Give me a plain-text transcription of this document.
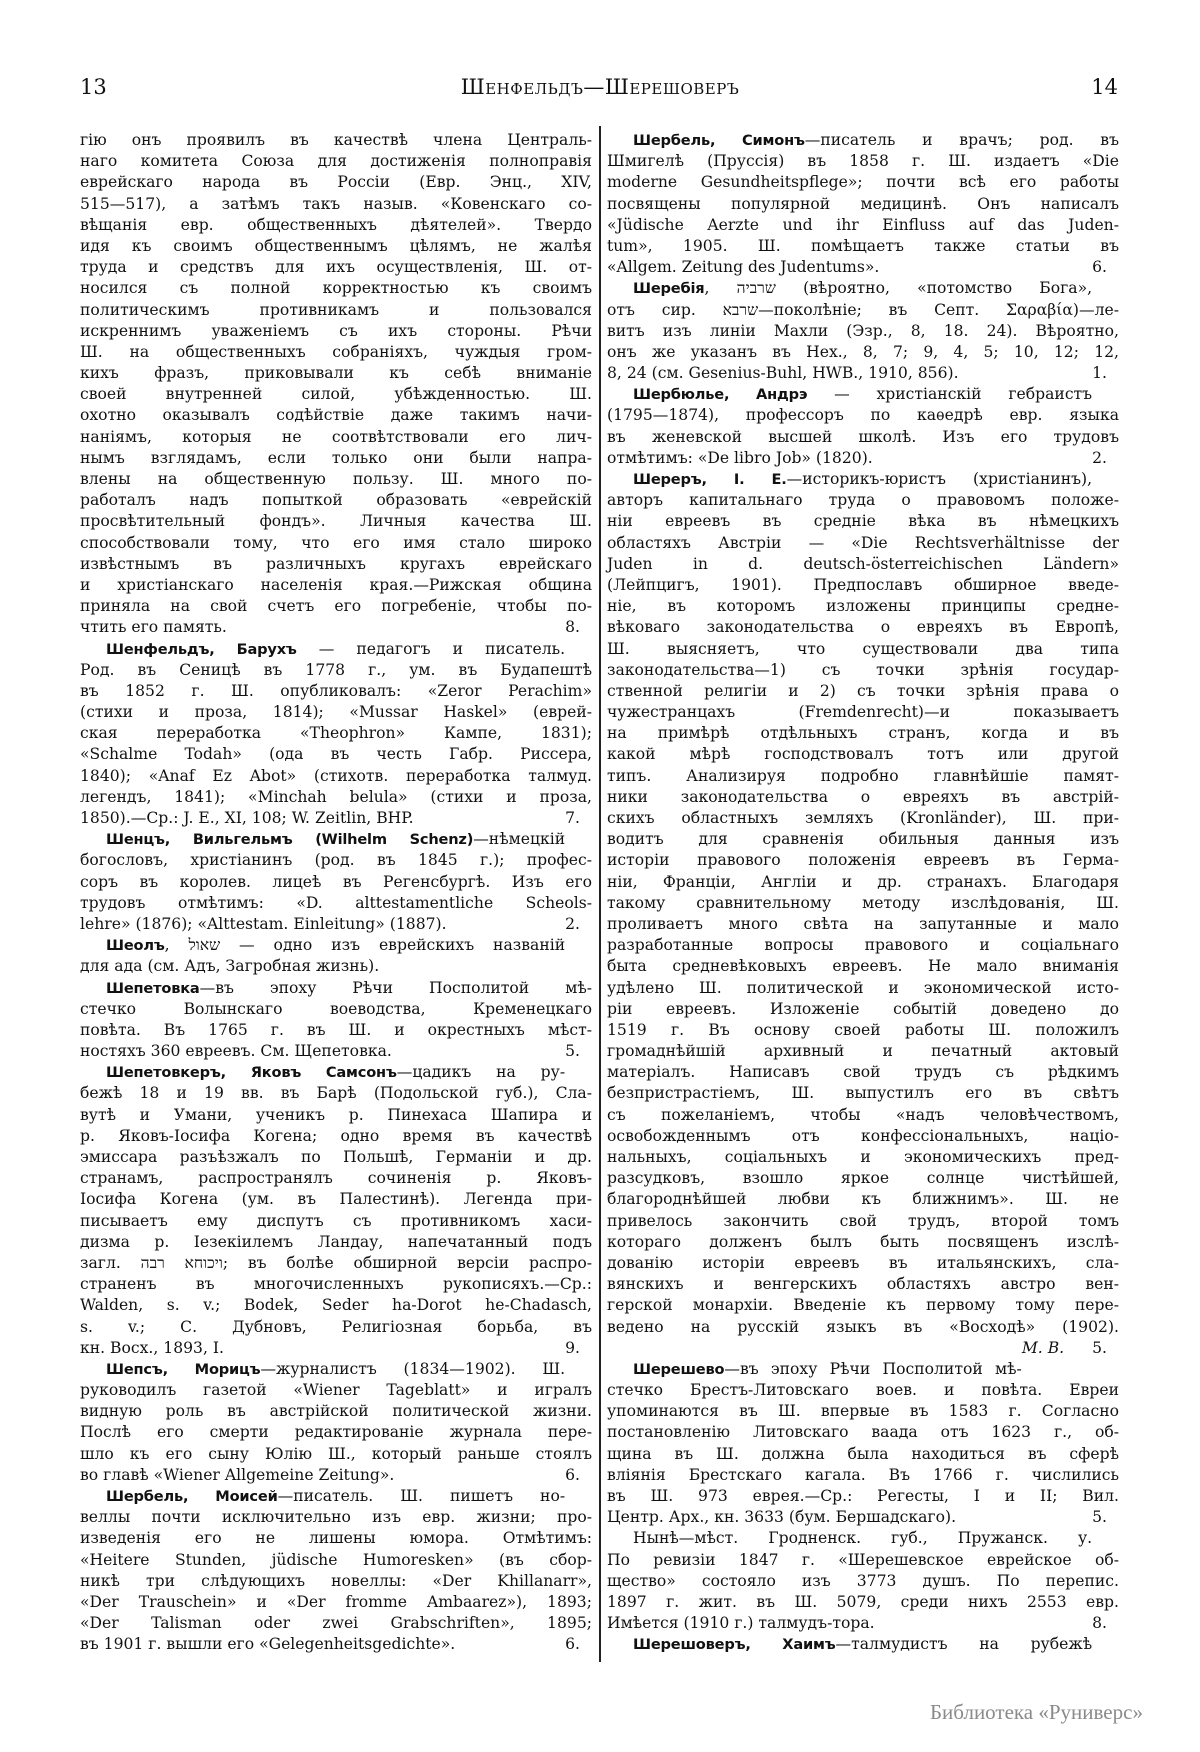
13	Шенфельдъ—Шерешоверъ	14
гію онъ проявилъ въ качествѣ члена Централь-
наго комитета Союза для достиженія полноправія
еврейскаго народа въ Россіи (Евр. Энц., XIV,
515—517), а затѣмъ такъ назыв. «Ковенскаго со-
вѣщанія евр. общественныхъ дѣятелей». Твердо
идя къ своимъ общественнымъ цѣлямъ, не жалѣя
труда и средствъ для ихъ осуществленія, Ш. от-
носился съ полной корректностью къ своимъ
политическимъ противникамъ и пользовался
искреннимъ уваженіемъ съ ихъ стороны. Рѣчи
Ш. на общественныхъ собраніяхъ, чуждыя гром-
кихъ фразъ, приковывали къ себѣ вниманіе
своей внутренней силой, убѣжденностью. Ш.
охотно оказывалъ содѣйствіе даже такимъ начи-
наніямъ, которыя не соотвѣтствовали его лич-
нымъ взглядамъ, если только они были напра-
влены на общественную пользу. Ш. много по-
работалъ надъ попыткой образовать «еврейскій
просвѣтительный фондъ». Личныя качества Ш.
способствовали тому, что его имя стало широко
извѣстнымъ въ различныхъ кругахъ еврейскаго
и христіанскаго населенія края.—Рижская община
приняла на свой счетъ его погребеніе, чтобы по-
8.
чтить его память.
Шенфельдъ, Барухъ — педагогъ и писатель.
Род. въ Сеницѣ въ 1778 г., ум. въ Будапештѣ
въ 1852 г. Ш. опубликовалъ: «Zeror Perachim»
(стихи и проза, 1814); «Mussar Haskel» (еврей-
ская переработка «Theophron» Кампе, 1831);
«Schalme Todah» (ода въ честь Габр. Риссера,
1840); «Anaf Ez Abot» (стихотв. переработка талмуд.
легендъ, 1841); «Minchah belula» (стихи и проза,
7.
1850).—Ср.: J. E., XI, 108; W. Zeitlin, BHP.
Шенцъ, Вильгельмъ (Wilhelm Schenz)—нѣмецкій
богословъ, христіанинъ (род. въ 1845 г.); профес-
соръ въ королев. лицеѣ въ Регенсбургѣ. Изъ его
трудовъ отмѣтимъ: «D. alttestamentliche Scheols-
2.
lehre» (1876); «Alttestam. Einleitung» (1887).
Шеолъ, שאול — одно изъ еврейскихъ названій
для ада (см. Адъ, Загробная жизнь).
Шепетовка—въ эпоху Рѣчи Посполитой мѣ-
стечко Волынскаго воеводства, Кременецкаго
повѣта. Въ 1765 г. въ Ш. и окрестныхъ мѣст-
5.
ностяхъ 360 евреевъ. См. Щепетовка.
Шепетовкеръ, Яковъ Самсонъ—цадикъ на ру-
бежѣ 18 и 19 вв. въ Барѣ (Подольской губ.), Сла-
вутѣ и Умани, ученикъ р. Пинехаса Шапира и
р. Яковъ-Іосифа Когена; одно время въ качествѣ
эмиссара разъѣзжалъ по Польшѣ, Германіи и др.
странамъ, распространялъ сочиненія р. Яковъ-
Іосифа Когена (ум. въ Палестинѣ). Легенда при-
писываетъ ему диспутъ съ противникомъ хаси-
дизма р. Іезекіилемъ Ландау, напечатанный подъ
загл. ויכוחא רבה; въ болѣе обширной версіи распро-
страненъ въ многочисленныхъ рукописяхъ.—Ср.:
Walden, s. v.; Bodek, Seder ha-Dorot he-Chadasch,
s. v.; С. Дубновъ, Религіозная борьба, въ
9.
кн. Восх., 1893, I.
Шепсъ, Морицъ—журналистъ (1834—1902). Ш.
руководилъ газетой «Wiener Tageblatt» и игралъ
видную роль въ австрійской политической жизни.
Послѣ его смерти редактированіе журнала пере-
шло къ его сыну Юлію Ш., который раньше стоялъ
6.
во главѣ «Wiener Allgemeine Zeitung».
Шербель, Моисей—писатель. Ш. пишетъ но-
веллы почти исключительно изъ евр. жизни; про-
изведенія его не лишены юмора. Отмѣтимъ:
«Heitere Stunden, jüdische Humoresken» (въ сбор-
никѣ три слѣдующихъ новеллы: «Der Khillanarr»,
«Der Trauschein» и «Der fromme Ambaarez»), 1893;
«Der Talisman oder zwei Grabschriften», 1895;
6.
въ 1901 г. вышли его «Gelegenheitsgedichte».
Шербель, Симонъ—писатель и врачъ; род. въ
Шмигелѣ (Пруссія) въ 1858 г. Ш. издаетъ «Die
moderne Gesundheitspflege»; почти всѣ его работы
посвящены популярной медицинѣ. Онъ написалъ
«Jüdische Aerzte und ihr Einfluss auf das Juden-
tum», 1905. Ш. помѣщаетъ также статьи въ
6.
«Allgem. Zeitung des Judentums».
Шеребія, שרביה (вѣроятно, «потомство Бога»,
отъ сир. שרבא—поколѣніе; въ Септ. Σαραβία)—ле-
витъ изъ линіи Махли (Эзр., 8, 18. 24). Вѣроятно,
онъ же указанъ въ Нех., 8, 7; 9, 4, 5; 10, 12; 12,
1.
8, 24 (см. Gesenius-Buhl, HWB., 1910, 856).
Шербюлье, Андрэ — христіанскій гебраистъ
(1795—1874), профессоръ по каѳедрѣ евр. языка
въ женевской высшей школѣ. Изъ его трудовъ
2.
отмѣтимъ: «De libro Job» (1820).
Шереръ, І. Е.—историкъ-юристъ (христіанинъ),
авторъ капитальнаго труда о правовомъ положе-
ніи евреевъ въ средніе вѣка въ нѣмецкихъ
областяхъ Австріи — «Die Rechtsverhältnisse der
Juden in d. deutsch-österreichischen Ländern»
(Лейпцигъ, 1901). Предпославъ обширное введе-
ніе, въ которомъ изложены принципы средне-
вѣковаго законодательства о евреяхъ въ Европѣ,
Ш. выясняетъ, что существовали два типа
законодательства—1) съ точки зрѣнія государ-
ственной религіи и 2) съ точки зрѣнія права о
чужестранцахъ (Fremdenrecht)—и показываетъ
на примѣрѣ отдѣльныхъ странъ, когда и въ
какой мѣрѣ господствовалъ тотъ или другой
типъ. Анализируя подробно главнѣйшіе памят-
ники законодательства о евреяхъ въ австрій-
скихъ областныхъ земляхъ (Kronländer), Ш. при-
водитъ для сравненія обильныя данныя изъ
исторіи правового положенія евреевъ въ Герма-
ніи, Франціи, Англіи и др. странахъ. Благодаря
такому сравнительному методу изслѣдованія, Ш.
проливаетъ много свѣта на запутанные и мало
разработанные вопросы правового и соціальнаго
быта средневѣковыхъ евреевъ. Не мало вниманія
удѣлено Ш. политической и экономической исто-
ріи евреевъ. Изложеніе событій доведено до
1519 г. Въ основу своей работы Ш. положилъ
громаднѣйшій архивный и печатный актовый
матеріалъ. Написавъ свой трудъ съ рѣдкимъ
безпристрастіемъ, Ш. выпустилъ его въ свѣтъ
съ пожеланіемъ, чтобы «надъ человѣчествомъ,
освобожденнымъ отъ конфессіональныхъ, націо-
нальныхъ, соціальныхъ и экономическихъ пред-
разсудковъ, взошло яркое солнце чистѣйшей,
благороднѣйшей любви къ ближнимъ». Ш. не
привелось закончить свой трудъ, второй томъ
котораго долженъ былъ быть посвященъ изслѣ-
дованію исторіи евреевъ въ итальянскихъ, сла-
вянскихъ и венгерскихъ областяхъ австро вен-
герской монархіи. Введеніе къ первому тому пере-
ведено на русскій языкъ въ «Восходѣ» (1902).
М. В. 5.
Шерешево—въ эпоху Рѣчи Посполитой мѣ-
стечко Брестъ-Литовскаго воев. и повѣта. Евреи
упоминаются въ Ш. впервые въ 1583 г. Согласно
постановленію Литовскаго ваада отъ 1623 г., об-
щина въ Ш. должна была находиться въ сферѣ
вліянія Брестскаго кагала. Въ 1766 г. числились
въ Ш. 973 еврея.—Ср.: Регесты, I и II; Вил.
5.
Центр. Арх., кн. 3633 (бум. Бершадскаго).
Нынѣ—мѣст. Гродненск. губ., Пружанск. у.
По ревизіи 1847 г. «Шерешевское еврейское об-
щество» состояло изъ 3773 душъ. По перепис.
1897 г. жит. въ Ш. 5079, среди нихъ 2553 евр.
8.
Имѣется (1910 г.) талмудъ-тора.
Шерешоверъ, Хаимъ—талмудистъ на рубежѣ
Библиотека «Руниверс»
